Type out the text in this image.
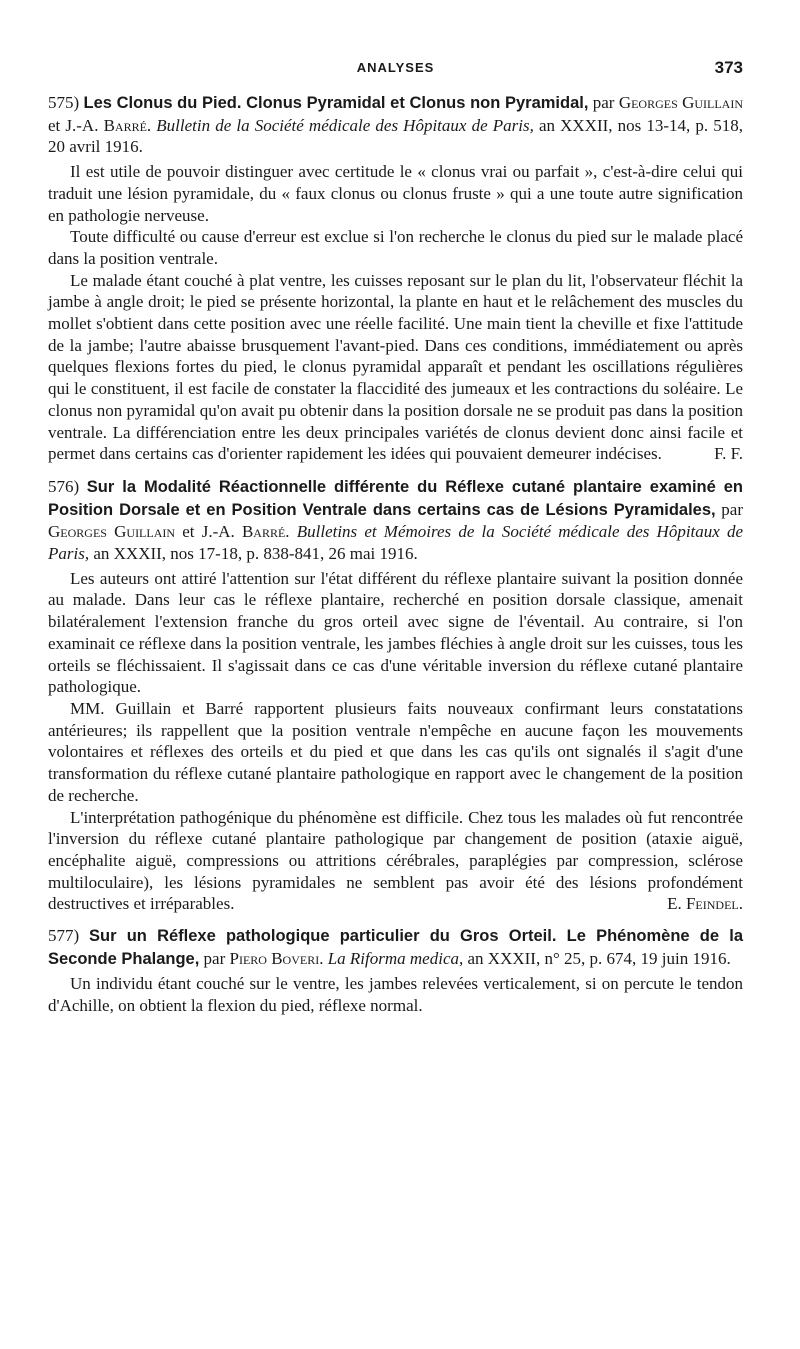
ANALYSES	373

575) Les Clonus du Pied. Clonus Pyramidal et Clonus non Pyramidal, par Georges Guillain et J.-A. Barré. Bulletin de la Société médicale des Hôpitaux de Paris, an XXXII, nos 13-14, p. 518, 20 avril 1916.

Il est utile de pouvoir distinguer avec certitude le « clonus vrai ou parfait », c'est-à-dire celui qui traduit une lésion pyramidale, du « faux clonus ou clonus fruste » qui a une toute autre signification en pathologie nerveuse.

Toute difficulté ou cause d'erreur est exclue si l'on recherche le clonus du pied sur le malade placé dans la position ventrale.

Le malade étant couché à plat ventre, les cuisses reposant sur le plan du lit, l'observateur fléchit la jambe à angle droit; le pied se présente horizontal, la plante en haut et le relâchement des muscles du mollet s'obtient dans cette position avec une réelle facilité. Une main tient la cheville et fixe l'attitude de la jambe; l'autre abaisse brusquement l'avant-pied. Dans ces conditions, immédiatement ou après quelques flexions fortes du pied, le clonus pyramidal apparaît et pendant les oscillations régulières qui le constituent, il est facile de constater la flaccidité des jumeaux et les contractions du soléaire. Le clonus non pyramidal qu'on avait pu obtenir dans la position dorsale ne se produit pas dans la position ventrale. La différenciation entre les deux principales variétés de clonus devient donc ainsi facile et permet dans certains cas d'orienter rapidement les idées qui pouvaient demeurer indécises.	F. F.

576) Sur la Modalité Réactionnelle différente du Réflexe cutané plantaire examiné en Position Dorsale et en Position Ventrale dans certains cas de Lésions Pyramidales, par Georges Guillain et J.-A. Barré. Bulletins et Mémoires de la Société médicale des Hôpitaux de Paris, an XXXII, nos 17-18, p. 838-841, 26 mai 1916.

Les auteurs ont attiré l'attention sur l'état différent du réflexe plantaire suivant la position donnée au malade. Dans leur cas le réflexe plantaire, recherché en position dorsale classique, amenait bilatéralement l'extension franche du gros orteil avec signe de l'éventail. Au contraire, si l'on examinait ce réflexe dans la position ventrale, les jambes fléchies à angle droit sur les cuisses, tous les orteils se fléchissaient. Il s'agissait dans ce cas d'une véritable inversion du réflexe cutané plantaire pathologique.

MM. Guillain et Barré rapportent plusieurs faits nouveaux confirmant leurs constatations antérieures; ils rappellent que la position ventrale n'empêche en aucune façon les mouvements volontaires et réflexes des orteils et du pied et que dans les cas qu'ils ont signalés il s'agit d'une transformation du réflexe cutané plantaire pathologique en rapport avec le changement de la position de recherche.

L'interprétation pathogénique du phénomène est difficile. Chez tous les malades où fut rencontrée l'inversion du réflexe cutané plantaire pathologique par changement de position (ataxie aiguë, encéphalite aiguë, compressions ou attritions cérébrales, paraplégies par compression, sclérose multiloculaire), les lésions pyramidales ne semblent pas avoir été des lésions profondément destructives et irréparables.	E. Feindel.

577) Sur un Réflexe pathologique particulier du Gros Orteil. Le Phénomène de la Seconde Phalange, par Piero Boveri. La Riforma medica, an XXXII, n° 25, p. 674, 19 juin 1916.

Un individu étant couché sur le ventre, les jambes relevées verticalement, si on percute le tendon d'Achille, on obtient la flexion du pied, réflexe normal.
